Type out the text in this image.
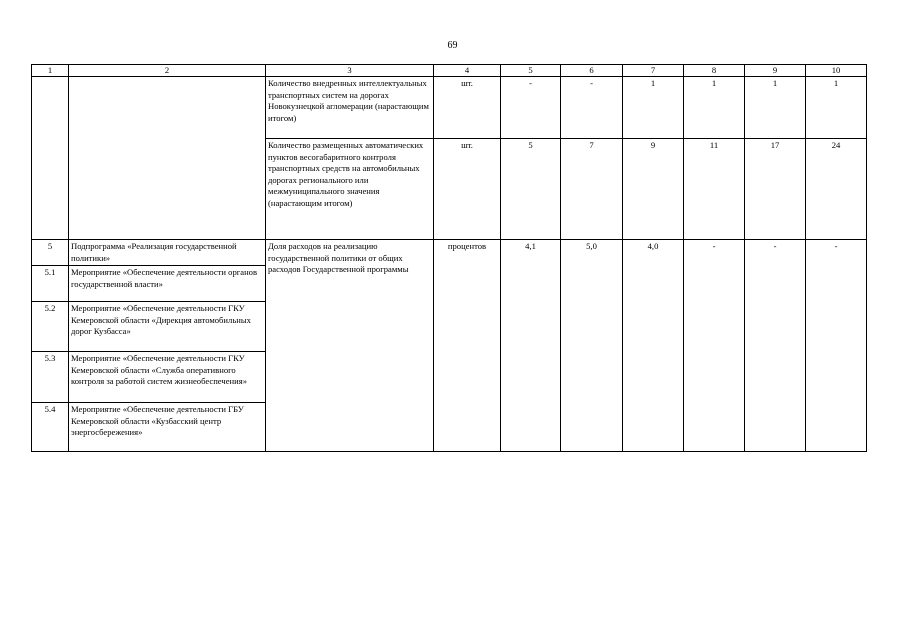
69
1	2	3	4	5	6	7	8	9	10
		Количество внедренных интеллектуальных транспортных систем на дорогах Новокузнецкой агломерации (нарастающим итогом)	шт.	-	-	1	1	1	1
		Количество размещенных автоматических пунктов весогабаритного контроля транспортных средств на автомобильных дорогах регионального или межмуниципального значения (нарастающим итогом)	шт.	5	7	9	11	17	24
5	Подпрограмма «Реализация государственной политики»	Доля расходов на реализацию государственной политики от общих расходов Государственной программы	процентов	4,1	5,0	4,0	-	-	-
5.1	Мероприятие «Обеспечение деятельности органов государственной власти»								
5.2	Мероприятие «Обеспечение деятельности ГКУ Кемеровской области «Дирекция автомобильных дорог Кузбасса»								
5.3	Мероприятие «Обеспечение деятельности ГКУ Кемеровской области «Служба оперативного контроля за работой систем жизнеобеспечения»								
5.4	Мероприятие «Обеспечение деятельности ГБУ Кемеровской области «Кузбасский центр энергосбережения»								
